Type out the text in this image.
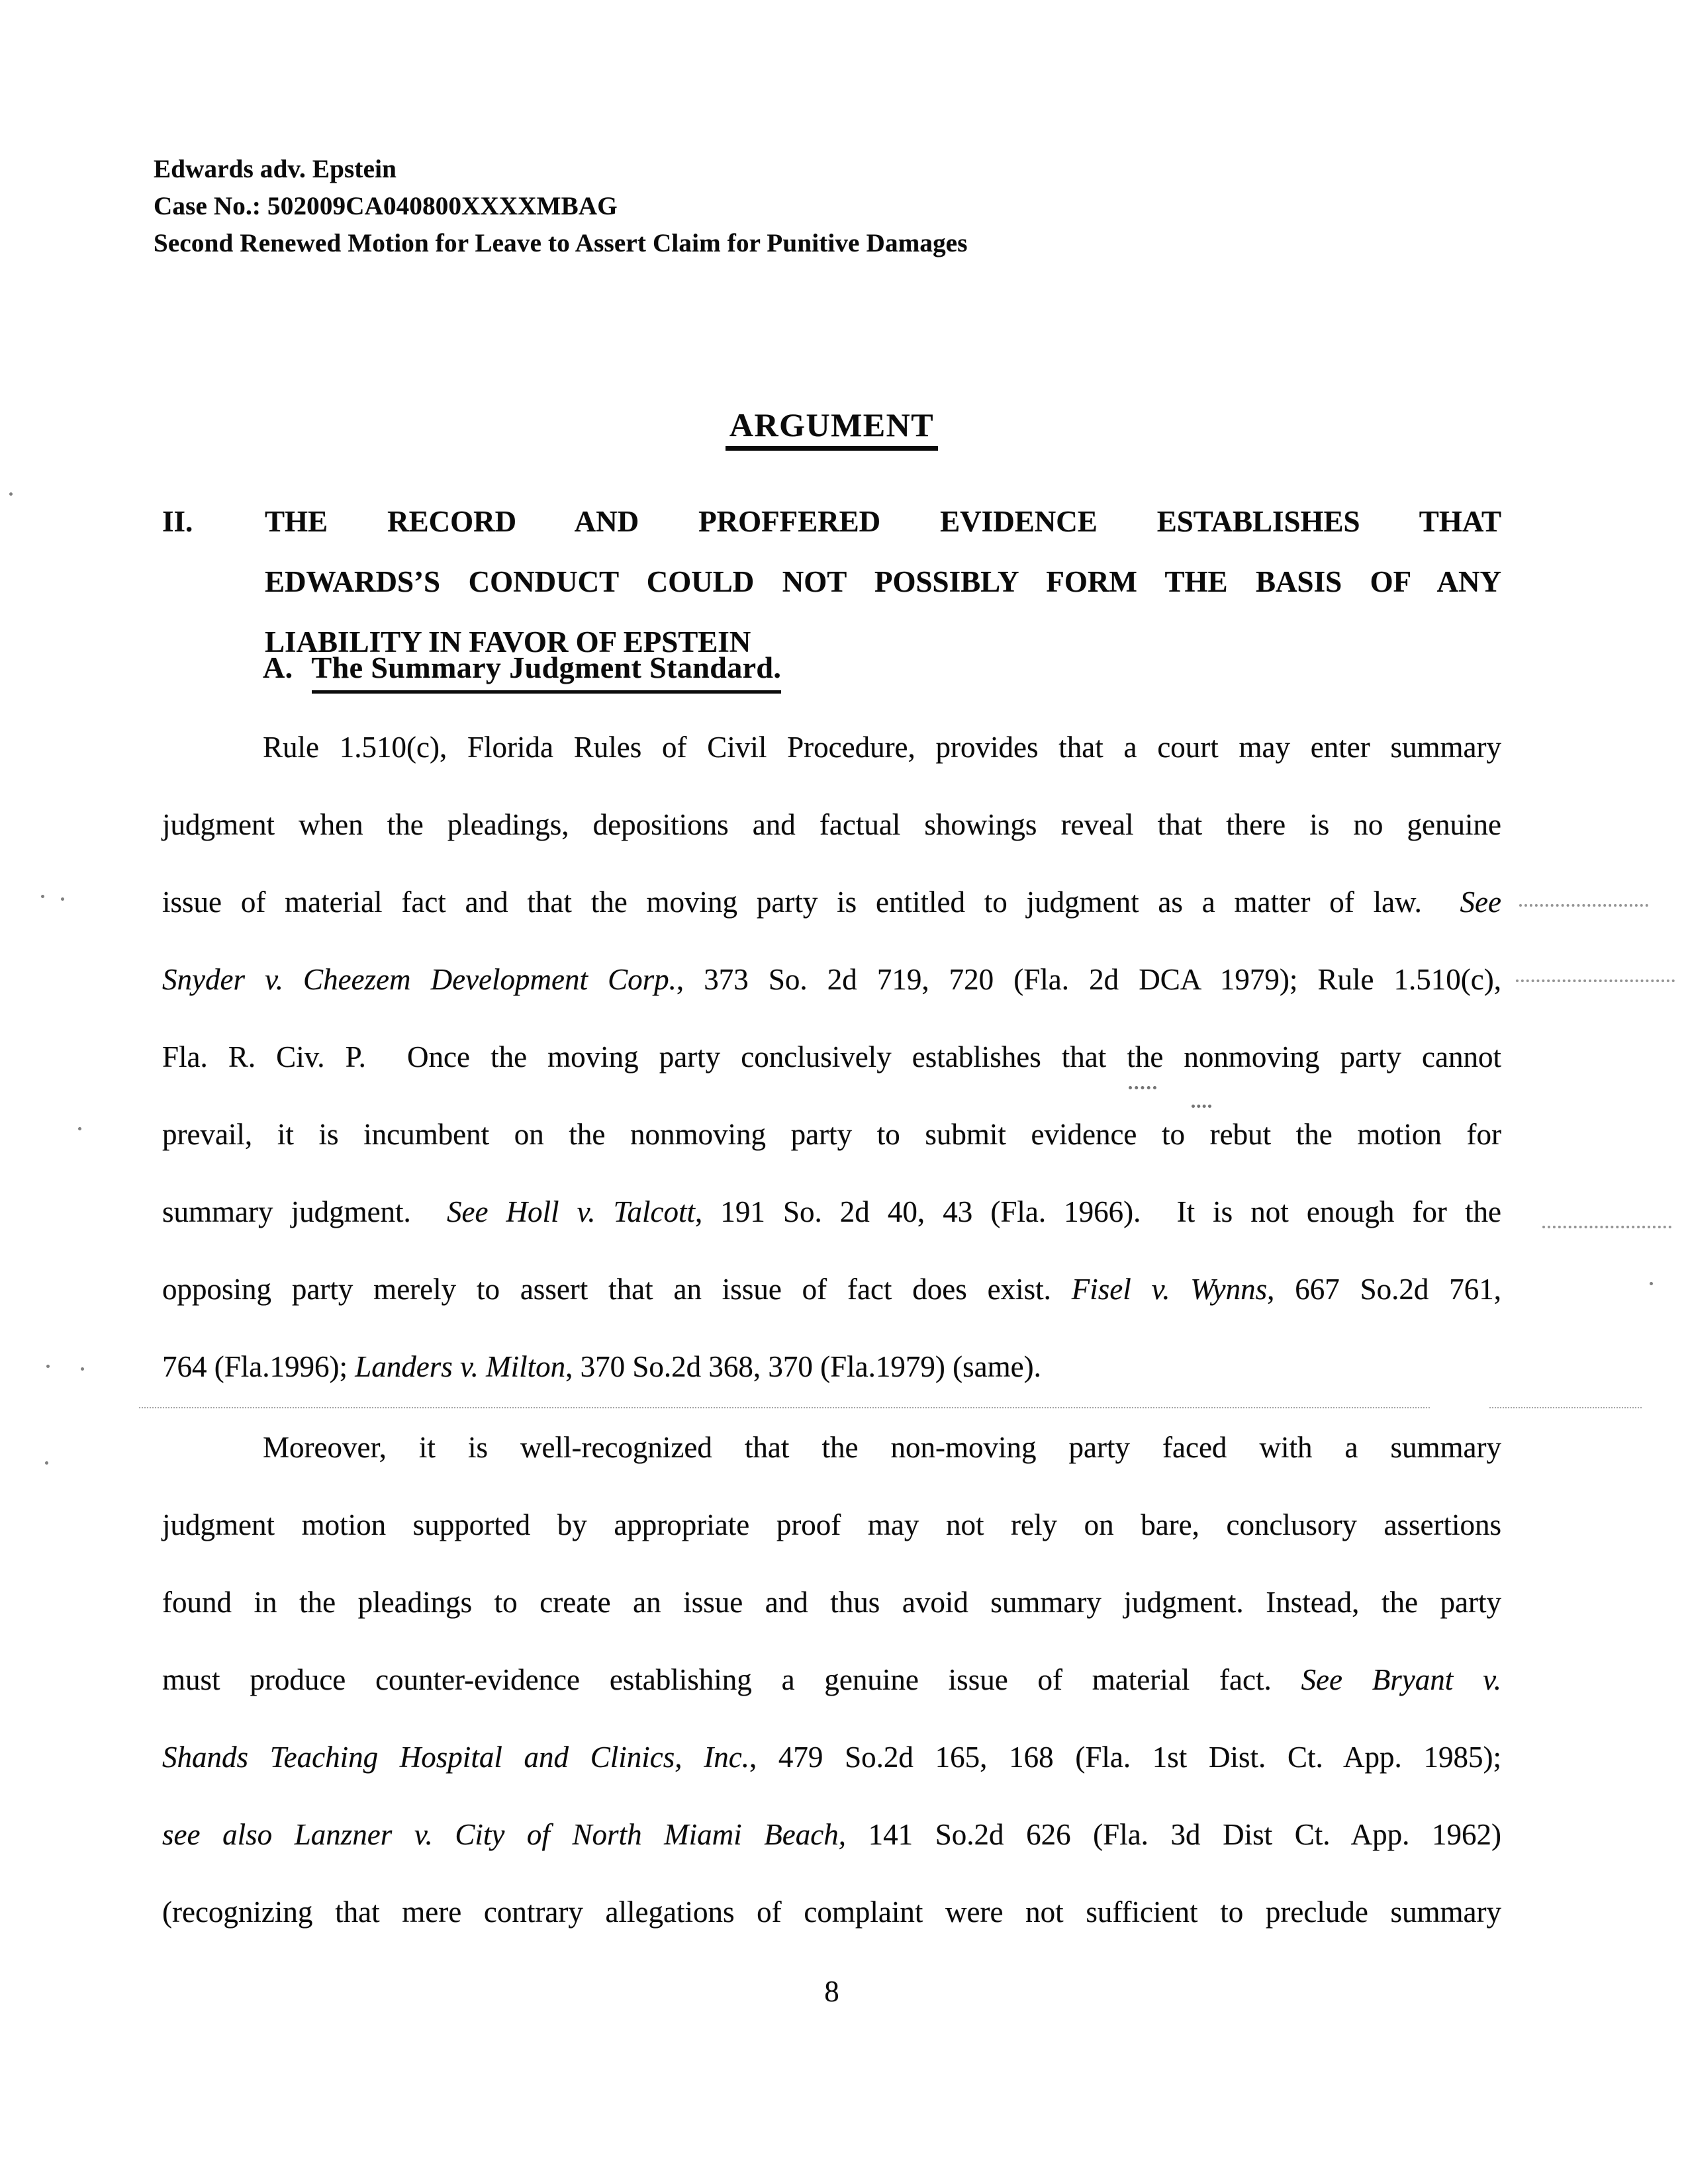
Edwards adv. Epstein
Case No.: 502009CA040800XXXXMBAG
Second Renewed Motion for Leave to Assert Claim for Punitive Damages
ARGUMENT
II. THE RECORD AND PROFFERED EVIDENCE ESTABLISHES THAT
EDWARDS’S CONDUCT COULD NOT POSSIBLY FORM THE BASIS OF ANY
LIABILITY IN FAVOR OF EPSTEIN
A. The Summary Judgment Standard.
Rule 1.510(c), Florida Rules of Civil Procedure, provides that a court may enter summary
judgment when the pleadings, depositions and factual showings reveal that there is no genuine
issue of material fact and that the moving party is entitled to judgment as a matter of law.  See
Snyder v. Cheezem Development Corp., 373 So. 2d 719, 720 (Fla. 2d DCA 1979); Rule 1.510(c),
Fla. R. Civ. P.  Once the moving party conclusively establishes that the nonmoving party cannot
prevail, it is incumbent on the nonmoving party to submit evidence to rebut the motion for
summary judgment.  See Holl v. Talcott, 191 So. 2d 40, 43 (Fla. 1966).  It is not enough for the
opposing party merely to assert that an issue of fact does exist. Fisel v. Wynns, 667 So.2d 761,
764 (Fla.1996); Landers v. Milton, 370 So.2d 368, 370 (Fla.1979) (same).
Moreover, it is well-recognized that the non-moving party faced with a summary
judgment motion supported by appropriate proof may not rely on bare, conclusory assertions
found in the pleadings to create an issue and thus avoid summary judgment. Instead, the party
must produce counter-evidence establishing a genuine issue of material fact. See Bryant v.
Shands Teaching Hospital and Clinics, Inc., 479 So.2d 165, 168 (Fla. 1st Dist. Ct. App. 1985);
see also Lanzner v. City of North Miami Beach, 141 So.2d 626 (Fla. 3d Dist Ct. App. 1962)
(recognizing that mere contrary allegations of complaint were not sufficient to preclude summary
8
